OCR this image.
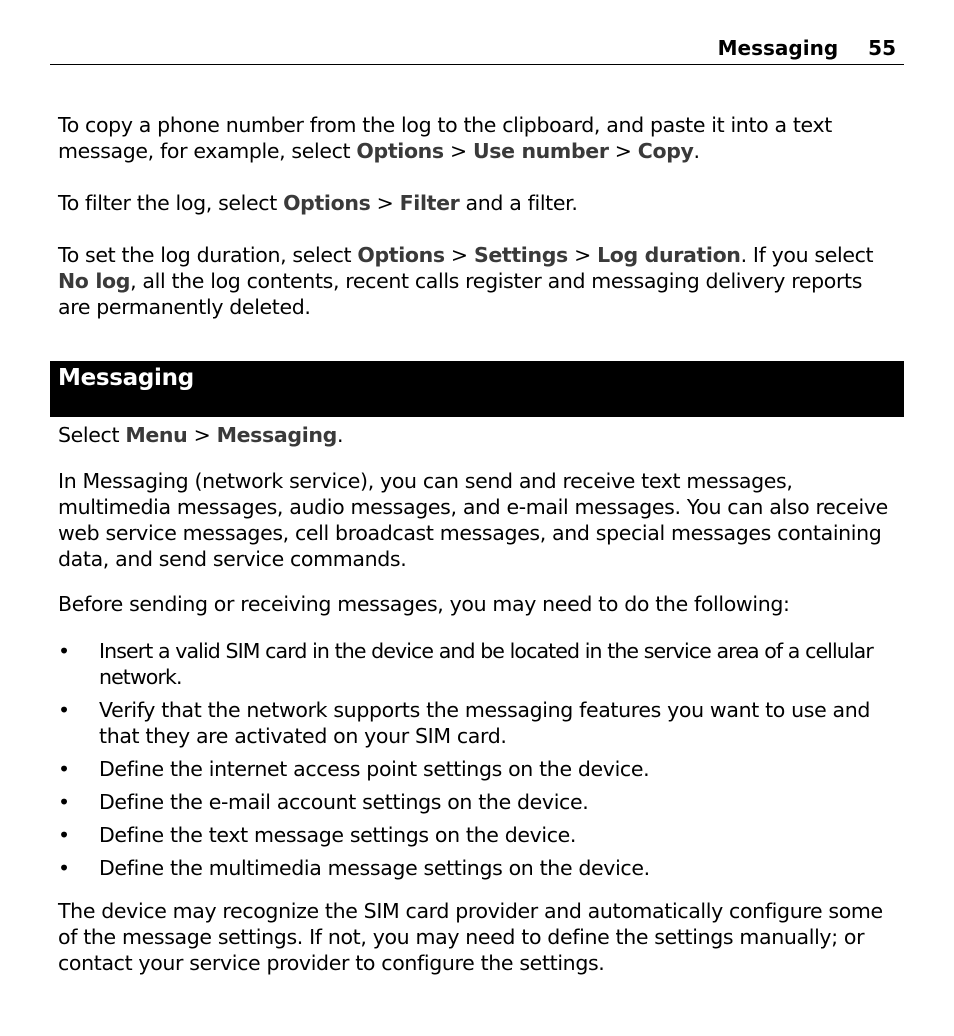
Messaging 55

To copy a phone number from the log to the clipboard, and paste it into a text message, for example, select Options > Use number > Copy.

To filter the log, select Options > Filter and a filter.

To set the log duration, select Options > Settings > Log duration. If you select No log, all the log contents, recent calls register and messaging delivery reports are permanently deleted.

Select Menu > Messaging.

In Messaging (network service), you can send and receive text messages, multimedia messages, audio messages, and e-mail messages. You can also receive web service messages, cell broadcast messages, and special messages containing data, and send service commands.

Before sending or receiving messages, you may need to do the following:

• Insert a valid SIM card in the device and be located in the service area of a cellular network.
• Verify that the network supports the messaging features you want to use and that they are activated on your SIM card.
• Define the internet access point settings on the device.
• Define the e-mail account settings on the device.
• Define the text message settings on the device.
• Define the multimedia message settings on the device.

The device may recognize the SIM card provider and automatically configure some of the message settings. If not, you may need to define the settings manually; or contact your service provider to configure the settings.

Messaging
